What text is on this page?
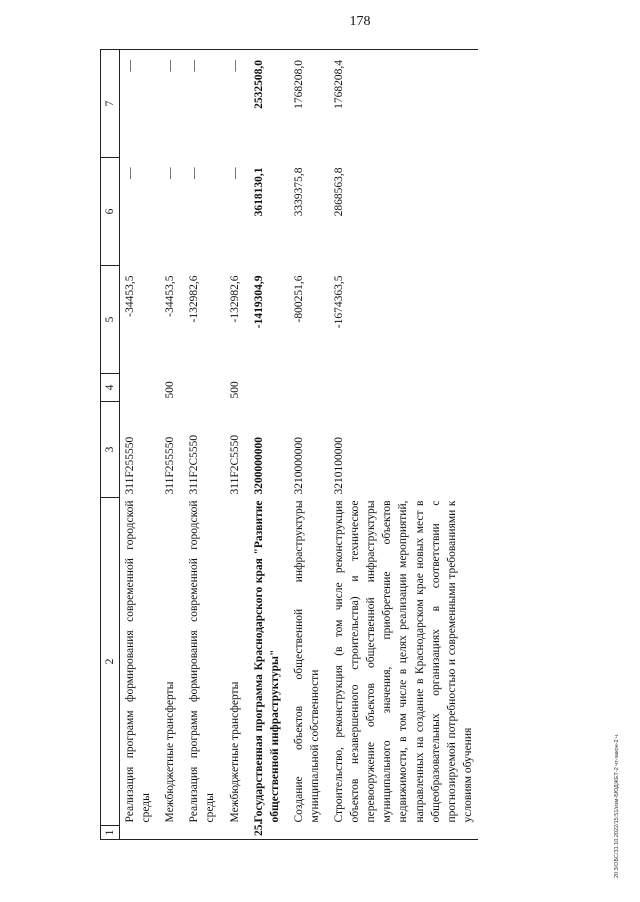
178
1	2	3	4	5	6	7
	Реализация программ формирования современной городской среды	311F255550		-34453,5	—	—
	Межбюджетные трансферты	311F255550	500	-34453,5	—	—
	Реализация программ формирования современной городской среды	311F2C5550		-132982,6	—	—
	Межбюджетные трансферты	311F2C5550	500	-132982,6	—	—
25.	Государственная программа Краснодарского края "Развитие общественной инфраструктуры"	3200000000		-1419304,9	3618130,1	2532508,0
	Создание объектов общественной инфраструктуры муниципальной собственности	3210000000		-800251,6	3339375,8	1768208,0
	Строительство, реконструкция (в том числе реконструкция объектов незавершенного строительства) и техническое перевооружение объектов общественной инфраструктуры муниципального значения, приобретение объектов недвижимости, в том числе в целях реализации мероприятий, направленных на создание в Краснодарском крае новых мест в общеобразовательных организациях в соответствии с прогнозируемой потребностью и современными требованиями к условиям обучения	3210100000		-1674363,5	2868563,8	1768208,4
20.3/ОБС/31.10.2022/15:51/изм-БЮДЖЕТ-2 чт-закон-2 ч.
